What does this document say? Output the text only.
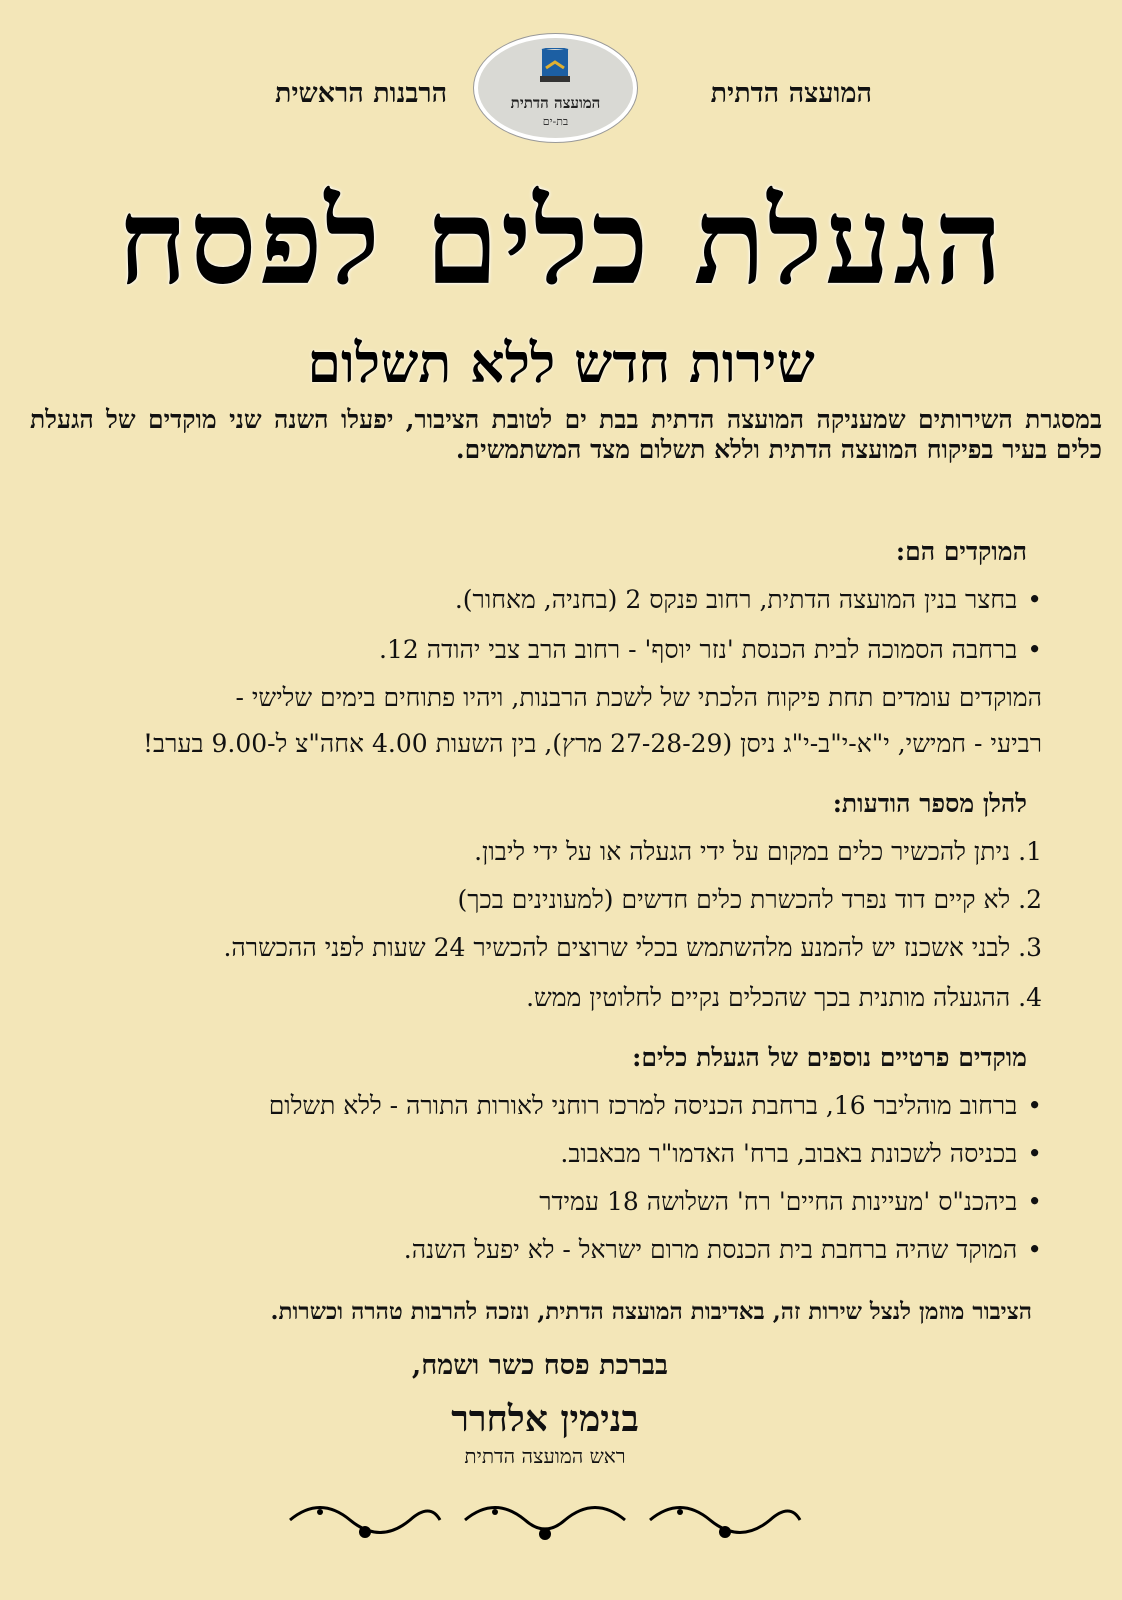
המועצה הדתית
המועצה הדתית
בת-ים
הרבנות הראשית
הגעלת כלים לפסח
שירות חדש ללא תשלום
במסגרת השירותים שמעניקה המועצה הדתית בבת ים לטובת הציבור, יפעלו השנה שני מוקדים של הגעלת כלים בעיר בפיקוח המועצה הדתית וללא תשלום מצד המשתמשים.
המוקדים הם:
• בחצר בנין המועצה הדתית, רחוב פנקס 2 (בחניה, מאחור).
• ברחבה הסמוכה לבית הכנסת 'נזר יוסף' - רחוב הרב צבי יהודה 12.
המוקדים עומדים תחת פיקוח הלכתי של לשכת הרבנות, ויהיו פתוחים בימים שלישי -
רביעי - חמישי, י"א-י"ב-י"ג ניסן (27-28-29 מרץ), בין השעות 4.00 אחה"צ ל-9.00 בערב!
להלן מספר הודעות:
1. ניתן להכשיר כלים במקום על ידי הגעלה או על ידי ליבון.
2. לא קיים דוד נפרד להכשרת כלים חדשים (למעונינים בכך)
3. לבני אשכנז יש להמנע מלהשתמש בכלי שרוצים להכשיר 24 שעות לפני ההכשרה.
4. ההגעלה מותנית בכך שהכלים נקיים לחלוטין ממש.
מוקדים פרטיים נוספים של הגעלת כלים:
• ברחוב מוהליבר 16, ברחבת הכניסה למרכז רוחני לאורות התורה - ללא תשלום
• בכניסה לשכונת באבוב, ברח' האדמו"ר מבאבוב.
• ביהכנ"ס 'מעיינות החיים' רח' השלושה 18 עמידר
• המוקד שהיה ברחבת בית הכנסת מרום ישראל - לא יפעל השנה.
הציבור מוזמן לנצל שירות זה, באדיבות המועצה הדתית, ונזכה להרבות טהרה וכשרות.
בברכת פסח כשר ושמח,
בנימין אלחרר
ראש המועצה הדתית
